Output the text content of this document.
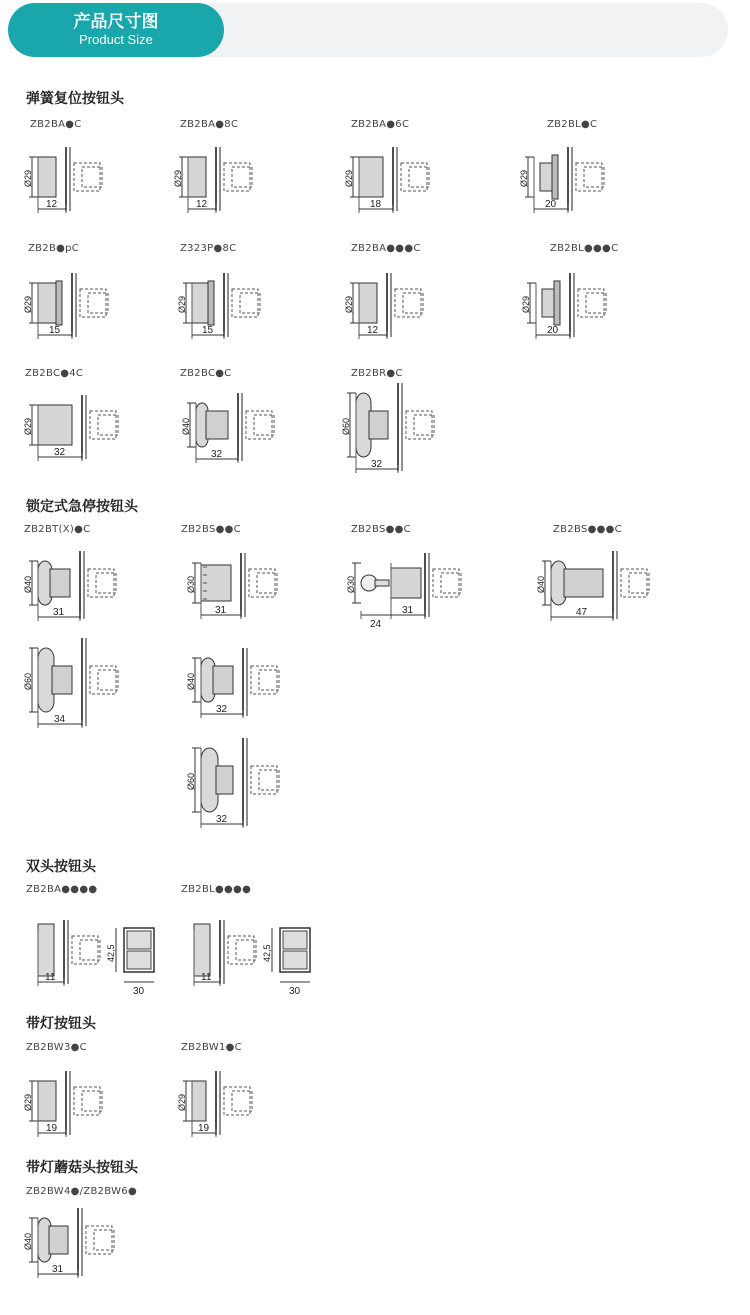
产品尺寸图
Product Size
弹簧复位按钮头
锁定式急停按钮头
双头按钮头
带灯按钮头
带灯蘑菇头按钮头
ZB2BA●C	ZB2BA●8C	ZB2BA●6C	ZB2BL●C
ZB2B●pC	Z323P●8C	ZB2BA●●●C	ZB2BL●●●C
ZB2BC●4C	ZB2BC●C	ZB2BR●C
ZB2BT(X)●C	ZB2BS●●C	ZB2BS●●C	ZB2BS●●●C
ZB2BA●●●●	ZB2BL●●●●
ZB2BW3●C	ZB2BW1●C
ZB2BW4●/ZB2BW6●
Ø29
12
Ø29
12
Ø29
18
Ø29
20
Ø29
15
Ø29
15
Ø29
12
Ø29
20
Ø29
32
Ø40
32
Ø60
32
Ø40
31
Ø30
31
Ø30
31
24
Ø40
47
Ø60
34
Ø40
32
Ø60
32
11
42,5
30
11
42,5
30
Ø29
19
Ø29
19
Ø40
31
